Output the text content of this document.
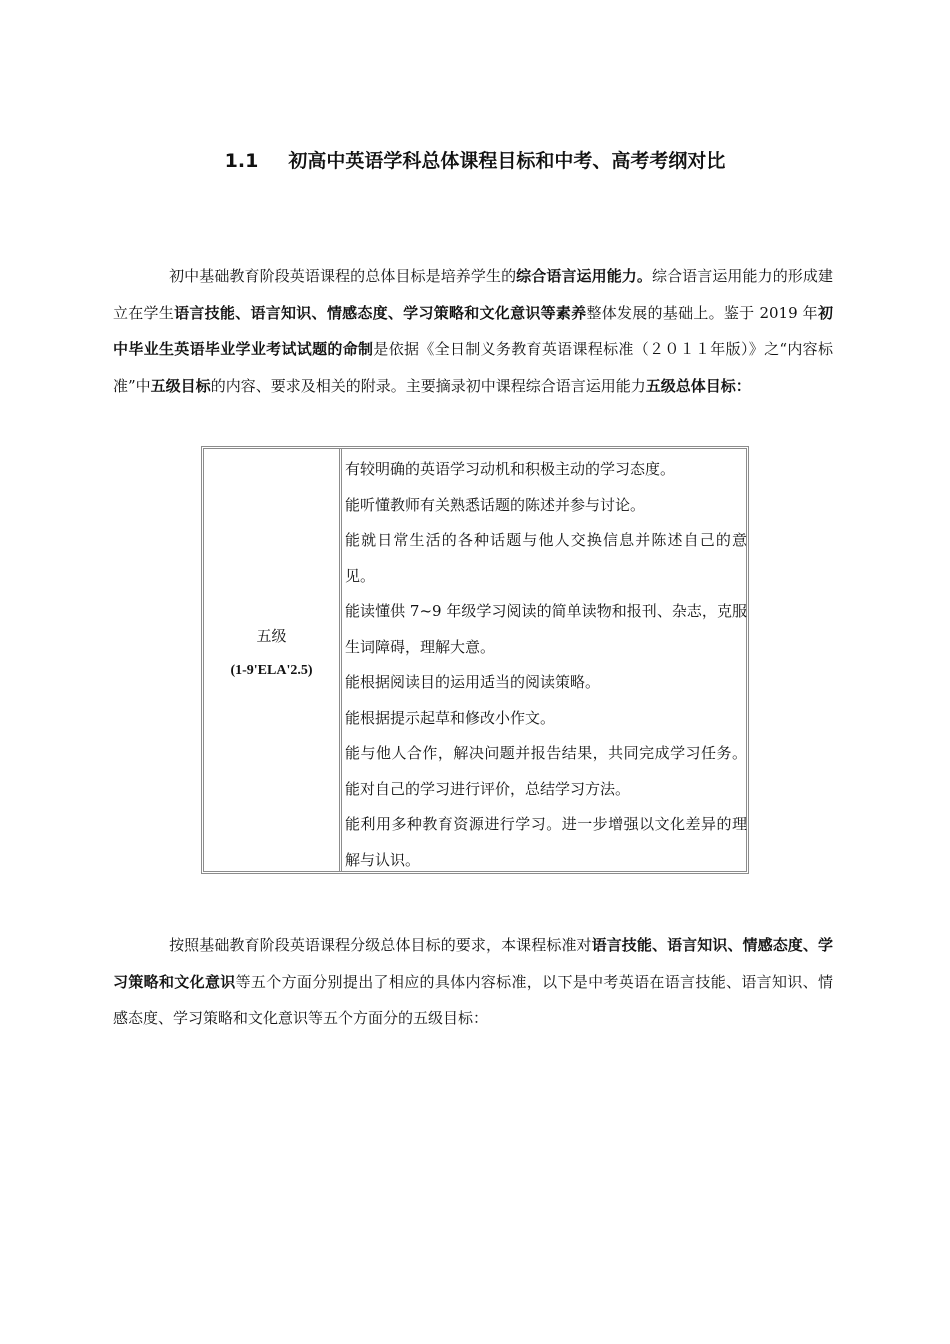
1.1 初高中英语学科总体课程目标和中考、高考考纲对比
初中基础教育阶段英语课程的总体目标是培养学生的综合语言运用能力。综合语言运用能力的形成建立在学生语言技能、语言知识、情感态度、学习策略和文化意识等素养整体发展的基础上。鉴于 2019 年初中毕业生英语毕业学业考试试题的命制是依据《全日制义务教育英语课程标准（２０１１年版）》之“内容标准”中五级目标的内容、要求及相关的附录。主要摘录初中课程综合语言运用能力五级总体目标：
五级
(1-9'ELA'2.5)

有较明确的英语学习动机和积极主动的学习态度。

能听懂教师有关熟悉话题的陈述并参与讨论。

能就日常生活的各种话题与他人交换信息并陈述自己的意见。

能读懂供 7~9 年级学习阅读的简单读物和报刊、杂志，克服生词障碍，理解大意。

能根据阅读目的运用适当的阅读策略。

能根据提示起草和修改小作文。

能与他人合作，解决问题并报告结果，共同完成学习任务。能对自己的学习进行评价，总结学习方法。

能利用多种教育资源进行学习。进一步增强以文化差异的理解与认识。

按照基础教育阶段英语课程分级总体目标的要求，本课程标准对语言技能、语言知识、情感态度、学习策略和文化意识等五个方面分别提出了相应的具体内容标准，以下是中考英语在语言技能、语言知识、情感态度、学习策略和文化意识等五个方面分的五级目标：
